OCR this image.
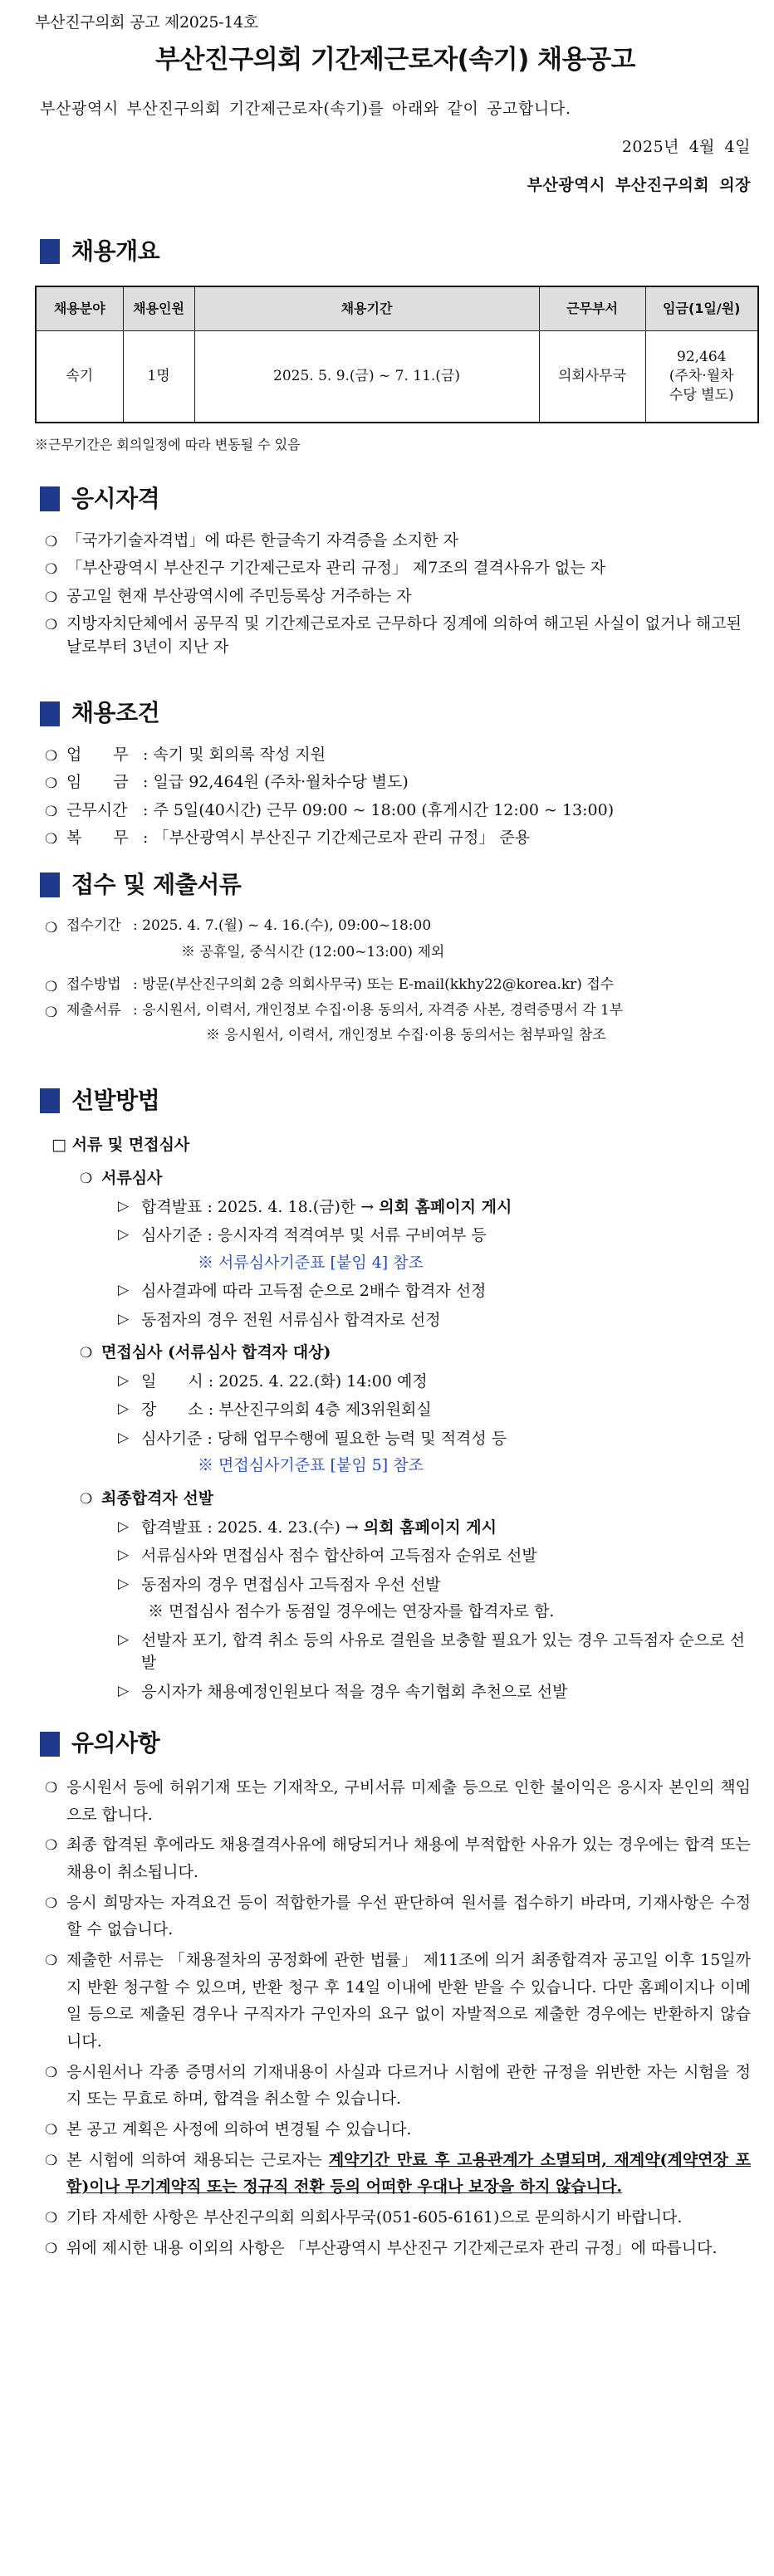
부산진구의회 공고 제2025-14호
부산진구의회 기간제근로자(속기) 채용공고
부산광역시 부산진구의회 기간제근로자(속기)를 아래와 같이 공고합니다.
2025년 4월 4일
부산광역시 부산진구의회 의장
채용개요
채용분야	채용인원	채용기간	근무부서	임금(1일/원)
속기	1명	2025. 5. 9.(금) ~ 7. 11.(금)	의회사무국	92,464
(주차·월차
수당 별도)
※근무기간은 회의일정에 따라 변동될 수 있음
응시자격
❍ 「국가기술자격법」에 따른 한글속기 자격증을 소지한 자
❍ 「부산광역시 부산진구 기간제근로자 관리 규정」 제7조의 결격사유가 없는 자
❍ 공고일 현재 부산광역시에 주민등록상 거주하는 자
❍ 지방자치단체에서 공무직 및 기간제근로자로 근무하다 징계에 의하여 해고된 사실이 없거나 해고된 날로부터 3년이 지난 자
채용조건
❍ 업　　무 : 속기 및 회의록 작성 지원
❍ 임　　금 : 일급 92,464원 (주차·월차수당 별도)
❍ 근무시간 : 주 5일(40시간) 근무 09:00 ~ 18:00 (휴게시간 12:00 ~ 13:00)
❍ 복　　무 : 「부산광역시 부산진구 기간제근로자 관리 규정」 준용
접수 및 제출서류
❍ 접수기간 : 2025. 4. 7.(월) ~ 4. 16.(수), 09:00~18:00
※ 공휴일, 중식시간 (12:00~13:00) 제외
❍ 접수방법 : 방문(부산진구의회 2층 의회사무국) 또는 E-mail(kkhy22@korea.kr) 접수
❍ 제출서류 : 응시원서, 이력서, 개인정보 수집·이용 동의서, 자격증 사본, 경력증명서 각 1부
※ 응시원서, 이력서, 개인정보 수집·이용 동의서는 첨부파일 참조
선발방법
□ 서류 및 면접심사
❍ 서류심사
▷ 합격발표 : 2025. 4. 18.(금)한 → 의회 홈페이지 게시
▷ 심사기준 : 응시자격 적격여부 및 서류 구비여부 등
※ 서류심사기준표 [붙임 4] 참조
▷ 심사결과에 따라 고득점 순으로 2배수 합격자 선정
▷ 동점자의 경우 전원 서류심사 합격자로 선정
❍ 면접심사 (서류심사 합격자 대상)
▷ 일　　시 : 2025. 4. 22.(화) 14:00 예정
▷ 장　　소 : 부산진구의회 4층 제3위원회실
▷ 심사기준 : 당해 업무수행에 필요한 능력 및 적격성 등
※ 면접심사기준표 [붙임 5] 참조
❍ 최종합격자 선발
▷ 합격발표 : 2025. 4. 23.(수) → 의회 홈페이지 게시
▷ 서류심사와 면접심사 점수 합산하여 고득점자 순위로 선발
▷ 동점자의 경우 면접심사 고득점자 우선 선발
※ 면접심사 점수가 동점일 경우에는 연장자를 합격자로 함.
▷ 선발자 포기, 합격 취소 등의 사유로 결원을 보충할 필요가 있는 경우 고득점자 순으로 선발
▷ 응시자가 채용예정인원보다 적을 경우 속기협회 추천으로 선발
유의사항
❍ 응시원서 등에 허위기재 또는 기재착오, 구비서류 미제출 등으로 인한 불이익은 응시자 본인의 책임으로 합니다.
❍ 최종 합격된 후에라도 채용결격사유에 해당되거나 채용에 부적합한 사유가 있는 경우에는 합격 또는 채용이 취소됩니다.
❍ 응시 희망자는 자격요건 등이 적합한가를 우선 판단하여 원서를 접수하기 바라며, 기재사항은 수정할 수 없습니다.
❍ 제출한 서류는 「채용절차의 공정화에 관한 법률」 제11조에 의거 최종합격자 공고일 이후 15일까지 반환 청구할 수 있으며, 반환 청구 후 14일 이내에 반환 받을 수 있습니다. 다만 홈페이지나 이메일 등으로 제출된 경우나 구직자가 구인자의 요구 없이 자발적으로 제출한 경우에는 반환하지 않습니다.
❍ 응시원서나 각종 증명서의 기재내용이 사실과 다르거나 시험에 관한 규정을 위반한 자는 시험을 정지 또는 무효로 하며, 합격을 취소할 수 있습니다.
❍ 본 공고 계획은 사정에 의하여 변경될 수 있습니다.
❍ 본 시험에 의하여 채용되는 근로자는 계약기간 만료 후 고용관계가 소멸되며, 재계약(계약연장 포함)이나 무기계약직 또는 정규직 전환 등의 어떠한 우대나 보장을 하지 않습니다.
❍ 기타 자세한 사항은 부산진구의회 의회사무국(051-605-6161)으로 문의하시기 바랍니다.
❍ 위에 제시한 내용 이외의 사항은 「부산광역시 부산진구 기간제근로자 관리 규정」에 따릅니다.
